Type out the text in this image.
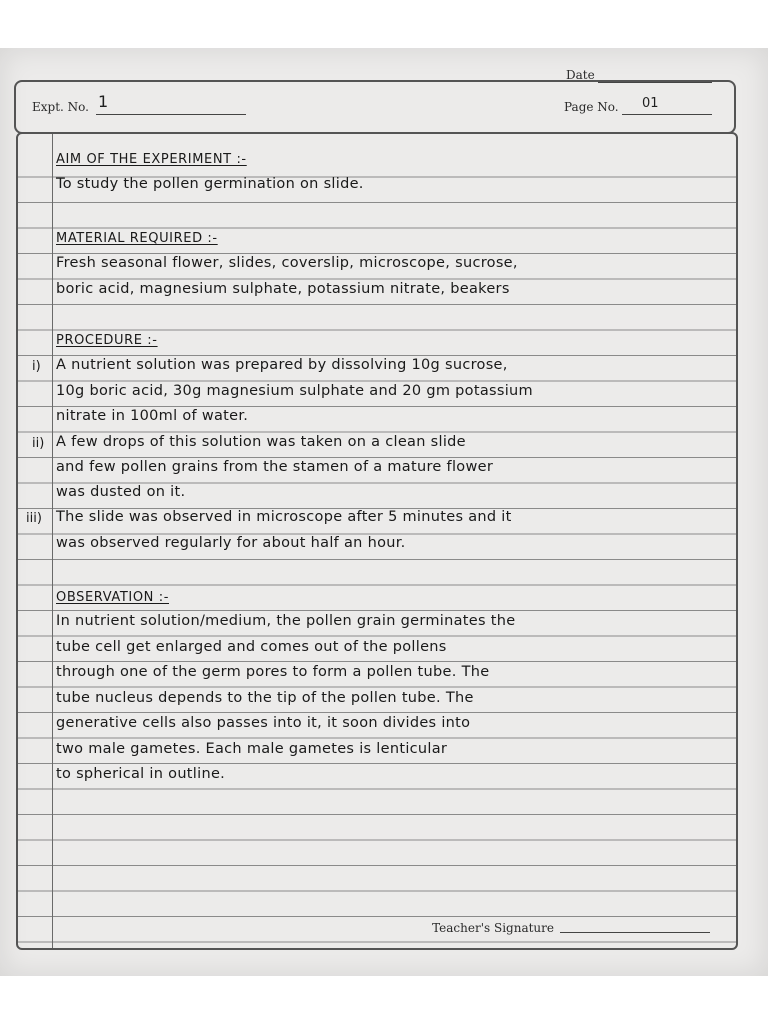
Date
Expt. No. 1	Page No. 01
AIM OF THE EXPERIMENT :-
To study the pollen germination on slide.
MATERIAL REQUIRED :-
Fresh seasonal flower, slides, coverslip, microscope, sucrose,
boric acid, magnesium sulphate, potassium nitrate, beakers
PROCEDURE :-
i) A nutrient solution was prepared by dissolving 10g sucrose,
10g boric acid, 30g magnesium sulphate and 20 gm potassium
nitrate in 100ml of water.
ii) A few drops of this solution was taken on a clean slide
and few pollen grains from the stamen of a mature flower
was dusted on it.
iii) The slide was observed in microscope after 5 minutes and it
was observed regularly for about half an hour.
OBSERVATION :-
In nutrient solution/medium, the pollen grain germinates the
tube cell get enlarged and comes out of the pollens
through one of the germ pores to form a pollen tube. The
tube nucleus depends to the tip of the pollen tube. The
generative cells also passes into it, it soon divides into
two male gametes. Each male gametes is lenticular
to spherical in outline.
Teacher's Signature
